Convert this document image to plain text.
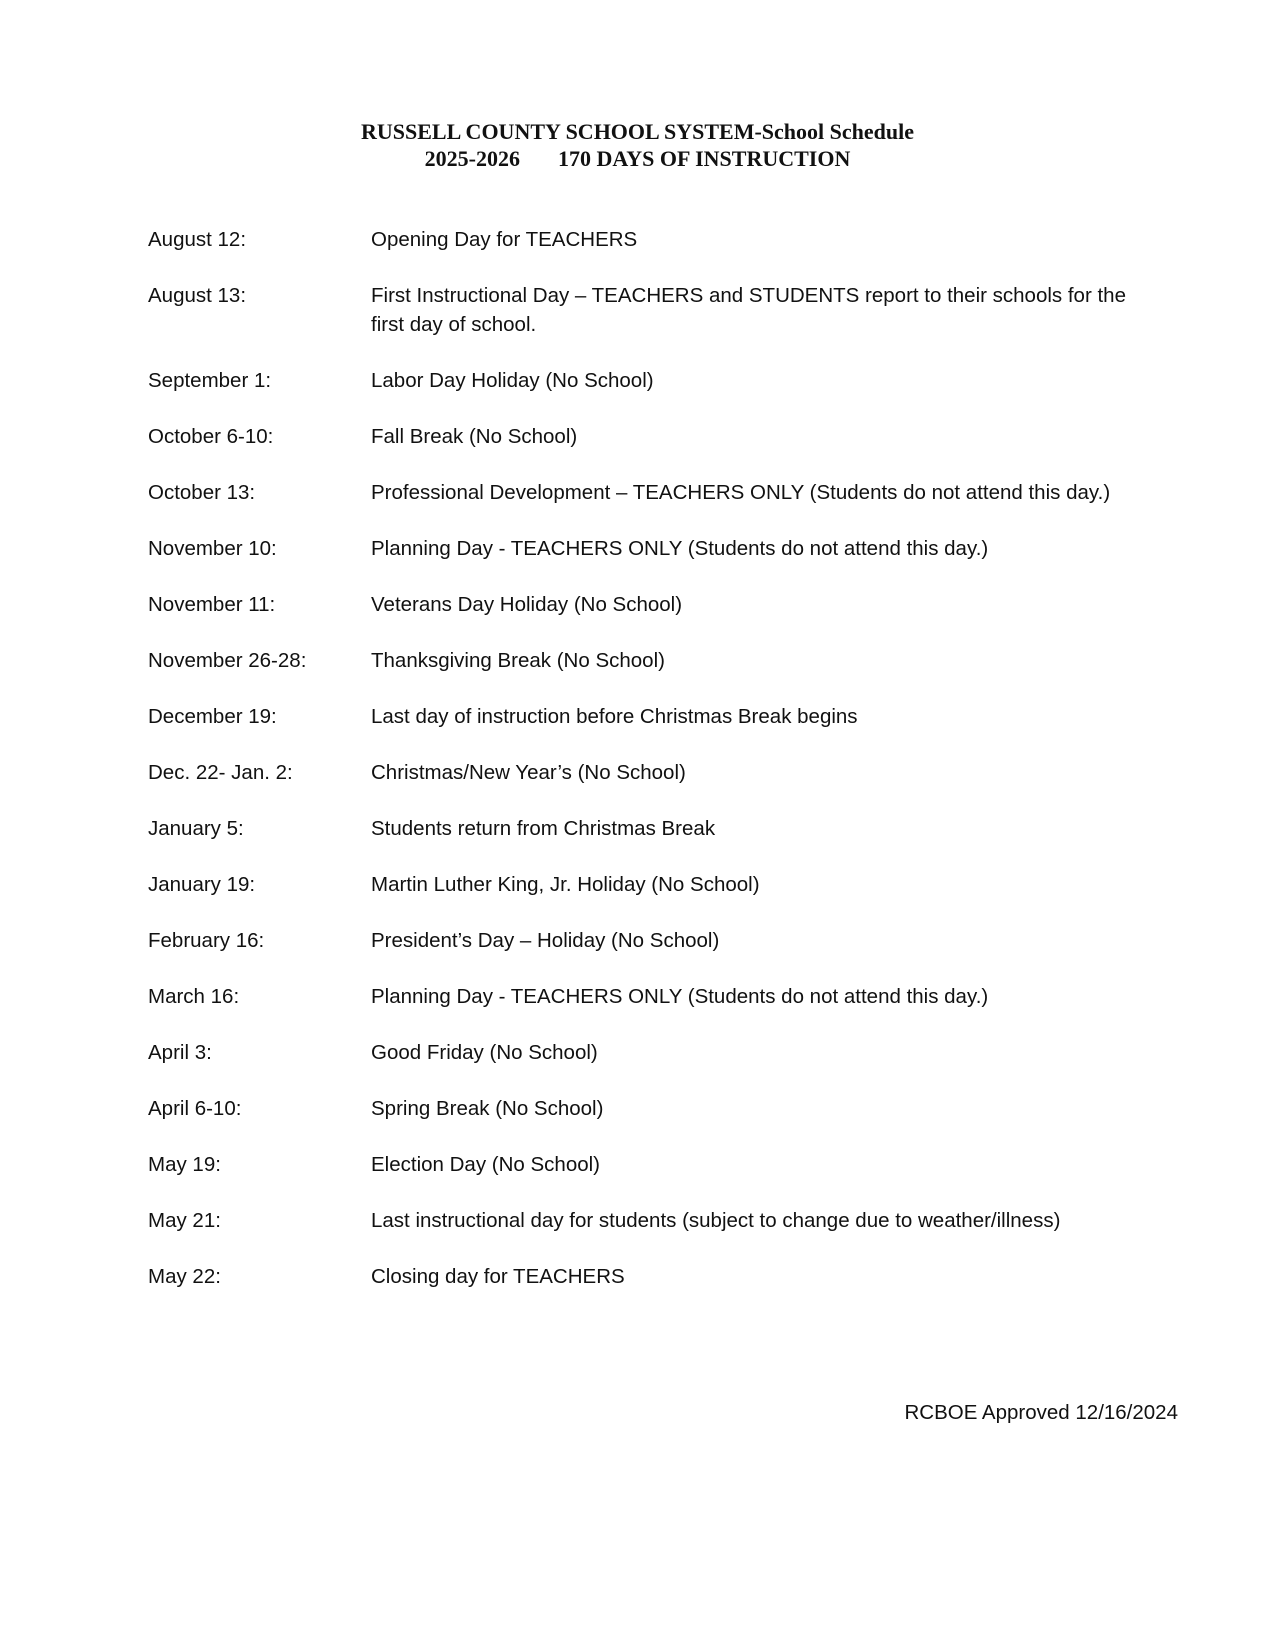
RUSSELL COUNTY SCHOOL SYSTEM-School Schedule
2025-2026 170 DAYS OF INSTRUCTION
August 12:	Opening Day for TEACHERS
August 13:	First Instructional Day – TEACHERS and STUDENTS report to their schools for the first day of school.
September 1:	Labor Day Holiday (No School)
October 6-10:	Fall Break (No School)
October 13:	Professional Development – TEACHERS ONLY (Students do not attend this day.)
November 10:	Planning Day - TEACHERS ONLY (Students do not attend this day.)
November 11:	Veterans Day Holiday (No School)
November 26-28:	Thanksgiving Break (No School)
December 19:	Last day of instruction before Christmas Break begins
Dec. 22- Jan. 2:	Christmas/New Year’s (No School)
January 5:	Students return from Christmas Break
January 19:	Martin Luther King, Jr. Holiday (No School)
February 16:	President’s Day – Holiday (No School)
March 16:	Planning Day - TEACHERS ONLY (Students do not attend this day.)
April 3:	Good Friday (No School)
April 6-10:	Spring Break (No School)
May 19:	Election Day (No School)
May 21:	Last instructional day for students (subject to change due to weather/illness)
May 22:	Closing day for TEACHERS
RCBOE Approved 12/16/2024
